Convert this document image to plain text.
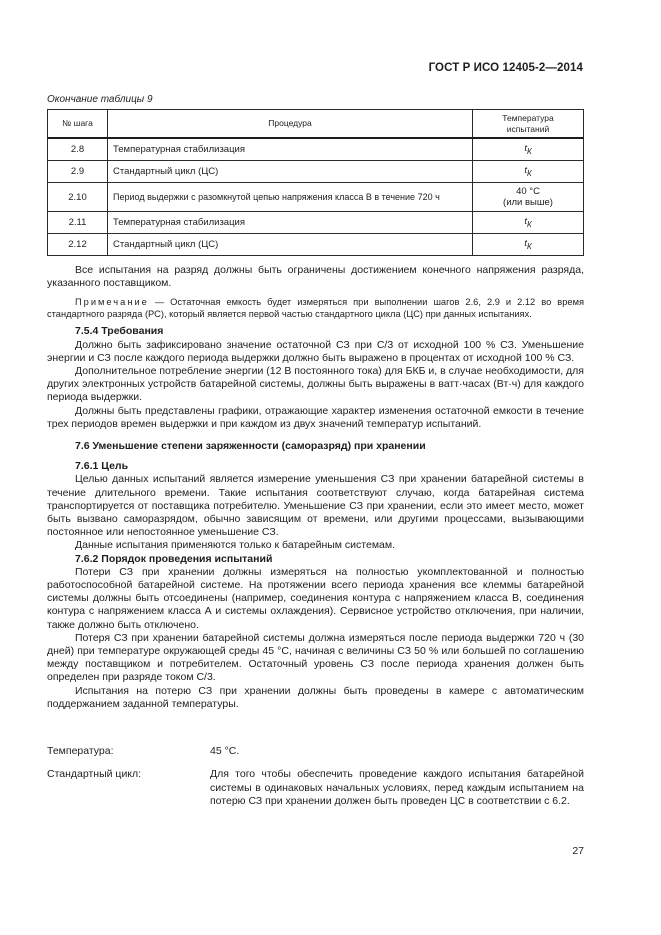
ГОСТ Р ИСО 12405-2—2014
Окончание таблицы 9
№ шага	Процедура	Температура
испытаний
2.8	Температурная стабилизация	$t_К$
2.9	Стандартный цикл (ЦС)	$t_К$
2.10	Период выдержки с разомкнутой цепью напряжения класса В в течение 720 ч	40 °С
(или выше)
2.11	Температурная стабилизация	$t_К$
2.12	Стандартный цикл (ЦС)	$t_К$

Все испытания на разряд должны быть ограничены достижением конечного напряжения разряда, указанного поставщиком.

Примечание — Остаточная емкость будет измеряться при выполнении шагов 2.6, 2.9 и 2.12 во время стандартного разряда (РС), который является первой частью стандартного цикла (ЦС) при данных испытаниях.

7.5.4 Требования

Должно быть зафиксировано значение остаточной СЗ при С/3 от исходной 100 % СЗ. Уменьшение энергии и СЗ после каждого периода выдержки должно быть выражено в процентах от исходной 100 % СЗ.

Дополнительное потребление энергии (12 В постоянного тока) для БКБ и, в случае необходимости, для других электронных устройств батарейной системы, должны быть выражены в ватт·часах (Вт·ч) для каждого периода выдержки.

Должны быть представлены графики, отражающие характер изменения остаточной емкости в течение трех периодов времен выдержки и при каждом из двух значений температур испытаний.

7.6 Уменьшение степени заряженности (саморазряд) при хранении
7.6.1 Цель

Целью данных испытаний является измерение уменьшения СЗ при хранении батарейной системы в течение длительного времени. Такие испытания соответствуют случаю, когда батарейная система транспортируется от поставщика потребителю. Уменьшение СЗ при хранении, если это имеет место, может быть вызвано саморазрядом, обычно зависящим от времени, или другими процессами, вызывающими постоянное или непостоянное уменьшение СЗ.

Данные испытания применяются только к батарейным системам.

7.6.2 Порядок проведения испытаний

Потери СЗ при хранении должны измеряться на полностью укомплектованной и полностью работоспособной батарейной системе. На протяжении всего периода хранения все клеммы батарейной системы должны быть отсоединены (например, соединения контура с напряжением класса В, соединения контура с напряжением класса А и системы охлаждения). Сервисное устройство отключения, при наличии, также должно быть отключено.

Потеря СЗ при хранении батарейной системы должна измеряться после периода выдержки 720 ч (30 дней) при температуре окружающей среды 45 °С, начиная с величины СЗ 50 % или большей по соглашению между поставщиком и потребителем. Остаточный уровень СЗ после периода хранения должен быть определен при разряде током С/3.

Испытания на потерю СЗ при хранении должны быть проведены в камере с автоматическим поддержанием заданной температуры.

Температура:	45 °С.
Стандартный цикл:	Для того чтобы обеспечить проведение каждого испытания батарейной системы в одинаковых начальных условиях, перед каждым испытанием на потерю СЗ при хранении должен быть проведен ЦС в соответствии с 6.2.
27
